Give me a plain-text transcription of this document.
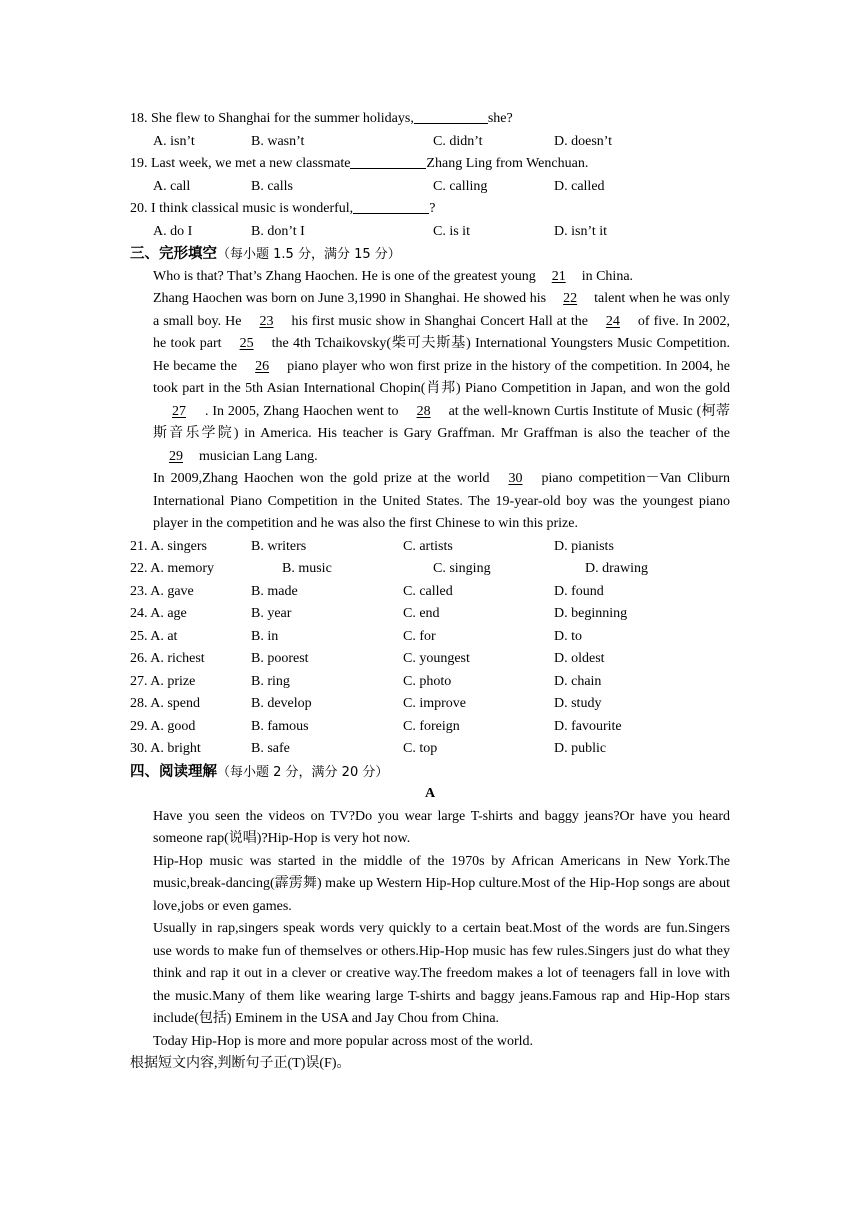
18. She flew to Shanghai for the summer holidays,	she?
A. isn’t	B. wasn’t	C. didn’t	D. doesn’t
19. Last week, we met a new classmate	Zhang Ling from Wenchuan.
A. call	B. calls	C. calling	D. called
20. I think classical music is wonderful,	?
A. do I	B. don’t I	C. is it	D. isn’t it
三、完形填空（每小题 1.5 分，满分 15 分）
Who is that? That’s Zhang Haochen. He is one of the greatest young 21 in China.
Zhang Haochen was born on June 3,1990 in Shanghai. He showed his 22 talent when he was only a small boy. He 23 his first music show in Shanghai Concert Hall at the 24 of five. In 2002, he took part 25 the 4th Tchaikovsky(柴可夫斯基) International Youngsters Music Competition. He became the 26 piano player who won first prize in the history of the competition. In 2004, he took part in the 5th Asian International Chopin(肖邦) Piano Competition in Japan, and won the gold27 . In 2005, Zhang Haochen went to 28 at the well-known Curtis Institute of Music (柯蒂斯音乐学院) in America. His teacher is Gary Graffman. Mr Graffman is also the teacher of the29 musician Lang Lang.
In 2009,Zhang Haochen won the gold prize at the world 30 piano competition－Van Cliburn International Piano Competition in the United States. The 19-year-old boy was the youngest piano player in the competition and he was also the first Chinese to win this prize.
21. A. singers	B. writers	C. artists	D. pianists
22. A. memory	B. music	C. singing	D. drawing
23. A. gave	B. made	C. called	D. found
24. A. age	B. year	C. end	D. beginning
25. A. at	B. in	C. for	D. to
26. A. richest	B. poorest	C. youngest	D. oldest
27. A. prize	B. ring	C. photo	D. chain
28. A. spend	B. develop	C. improve	D. study
29. A. good	B. famous	C. foreign	D. favourite
30. A. bright	B. safe	C. top	D. public
四、阅读理解（每小题 2 分，满分 20 分）
A
Have you seen the videos on TV?Do you wear large T-shirts and baggy jeans?Or have you heard someone rap(说唱)?Hip-Hop is very hot now.
Hip-Hop music was started in the middle of the 1970s by African Americans in New York.The music,break-dancing(霹雳舞) make up Western Hip-Hop culture.Most of the Hip-Hop songs are about love,jobs or even games.
Usually in rap,singers speak words very quickly to a certain beat.Most of the words are fun.Singers use words to make fun of themselves or others.Hip-Hop music has few rules.Singers just do what they think and rap it out in a clever or creative way.The freedom makes a lot of teenagers fall in love with the music.Many of them like wearing large T-shirts and baggy jeans.Famous rap and Hip-Hop stars include(包括) Eminem in the USA and Jay Chou from China.
Today Hip-Hop is more and more popular across most of the world.
根据短文内容,判断句子正(T)误(F)。
